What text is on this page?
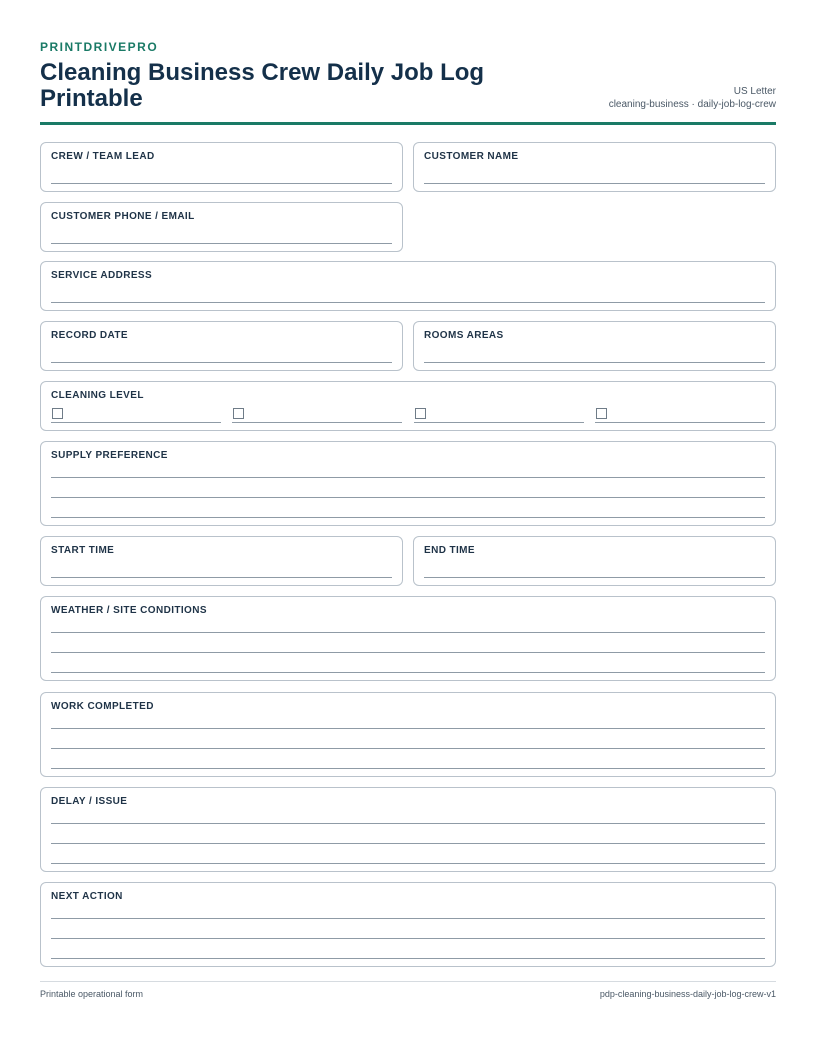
PRINTDRIVEPRO
Cleaning Business Crew Daily Job Log Printable	US Letter
cleaning-business · daily-job-log-crew
CREW / TEAM LEAD	CUSTOMER NAME
CUSTOMER PHONE / EMAIL
SERVICE ADDRESS
RECORD DATE	ROOMS AREAS
CLEANING LEVEL
SUPPLY PREFERENCE
START TIME	END TIME
WEATHER / SITE CONDITIONS
WORK COMPLETED
DELAY / ISSUE
NEXT ACTION
Printable operational form	pdp-cleaning-business-daily-job-log-crew-v1
